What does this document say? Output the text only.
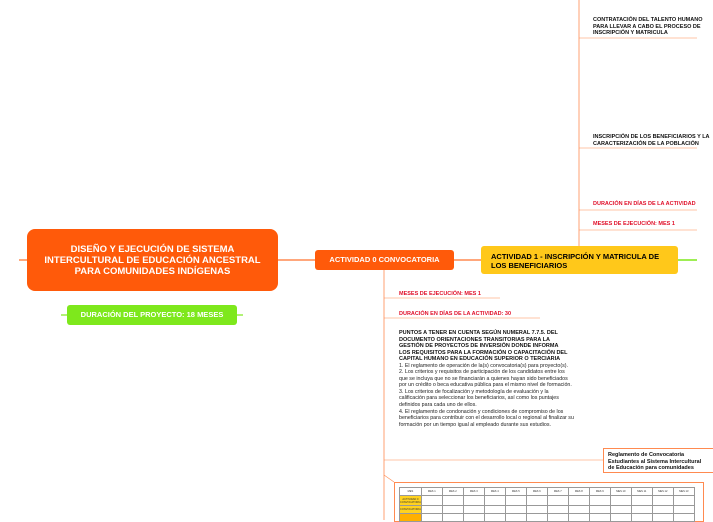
DISEÑO Y EJECUCIÓN DE SISTEMA INTERCULTURAL DE EDUCACIÓN ANCESTRAL PARA COMUNIDADES INDÍGENAS
DURACIÓN DEL PROYECTO: 18 MESES
ACTIVIDAD 0 CONVOCATORIA	ACTIVIDAD 1 - INSCRIPCIÓN Y MATRICULA DE LOS BENEFICIARIOS
MESES DE EJECUCIÓN: MES 1
DURACIÓN EN DÍAS DE LA ACTIVIDAD: 30
PUNTOS A TENER EN CUENTA SEGÚN NUMERAL 7.7.5. DEL DOCUMENTO ORIENTACIONES TRANSITORIAS PARA LA GESTIÓN DE PROYECTOS DE INVERSIÓN DONDE INFORMA LOS REQUISITOS PARA LA FORMACIÓN O CAPACITACIÓN DEL CAPITAL HUMANO EN EDUCACIÓN SUPERIOR O TERCIARIA
1. El reglamento de operación de la(s) convocatoria(s) para proyecto(s).
2. Los criterios y requisitos de participación de los candidatos entre los que se incluya que no se financiarán a quienes hayan sido beneficiados por un crédito o beca educativa pública para el mismo nivel de formación.
3. Los criterios de focalización y metodología de evaluación y la calificación para seleccionar los beneficiarios, así como los puntajes definidos para cada uno de ellos.
4. El reglamento de condonación y condiciones de compromiso de los beneficiarios para contribuir con el desarrollo local o regional al finalizar su formación por un tiempo igual al empleado durante sus estudios.
Reglamento de Convocatoria Estudiantes al Sistema Intercultural de Educación para comunidades
MES	MES 1	MES 2	MES 3	MES 4	MES 5	MES 6	MES 7	MES 8	MES 9	MES 10	MES 11	MES 12	MES 13
ACTIVIDAD 0 CONVOCATORIA													
CONVOCATORIA													

CONTRATACIÓN DEL TALENTO HUMANO PARA LLEVAR A CABO EL PROCESO DE INSCRIPCIÓN Y MATRICULA
INSCRIPCIÓN DE LOS BENEFICIARIOS Y LA CARACTERIZACIÓN DE LA POBLACIÓN
DURACIÓN EN DÍAS DE LA ACTIVIDAD
MESES DE EJECUCIÓN: MES 1
